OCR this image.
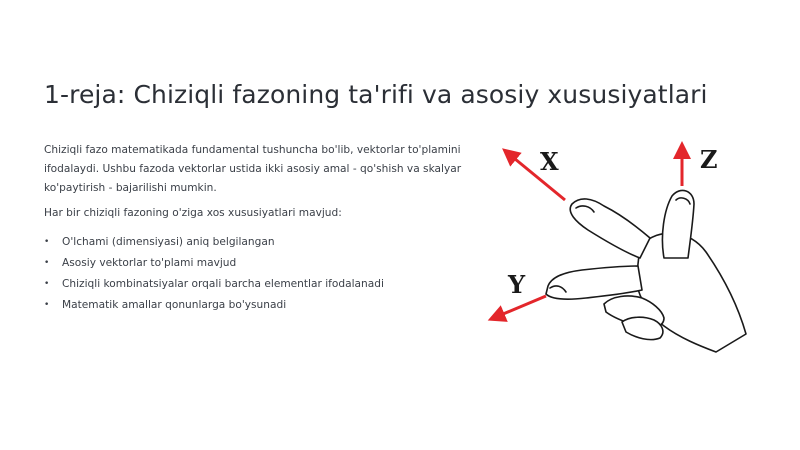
1-reja: Chiziqli fazoning ta'rifi va asosiy xususiyatlari

Chiziqli fazo matematikada fundamental tushuncha bo'lib, vektorlar to'plamini ifodalaydi. Ushbu fazoda vektorlar ustida ikki asosiy amal - qo'shish va skalyar ko'paytirish - bajarilishi mumkin.

Har bir chiziqli fazoning o'ziga xos xususiyatlari mavjud:

• O'lchami (dimensiyasi) aniq belgilangan
• Asosiy vektorlar to'plami mavjud
• Chiziqli kombinatsiyalar orqali barcha elementlar ifodalanadi
• Matematik amallar qonunlarga bo'ysunadi
X	Z
Y
